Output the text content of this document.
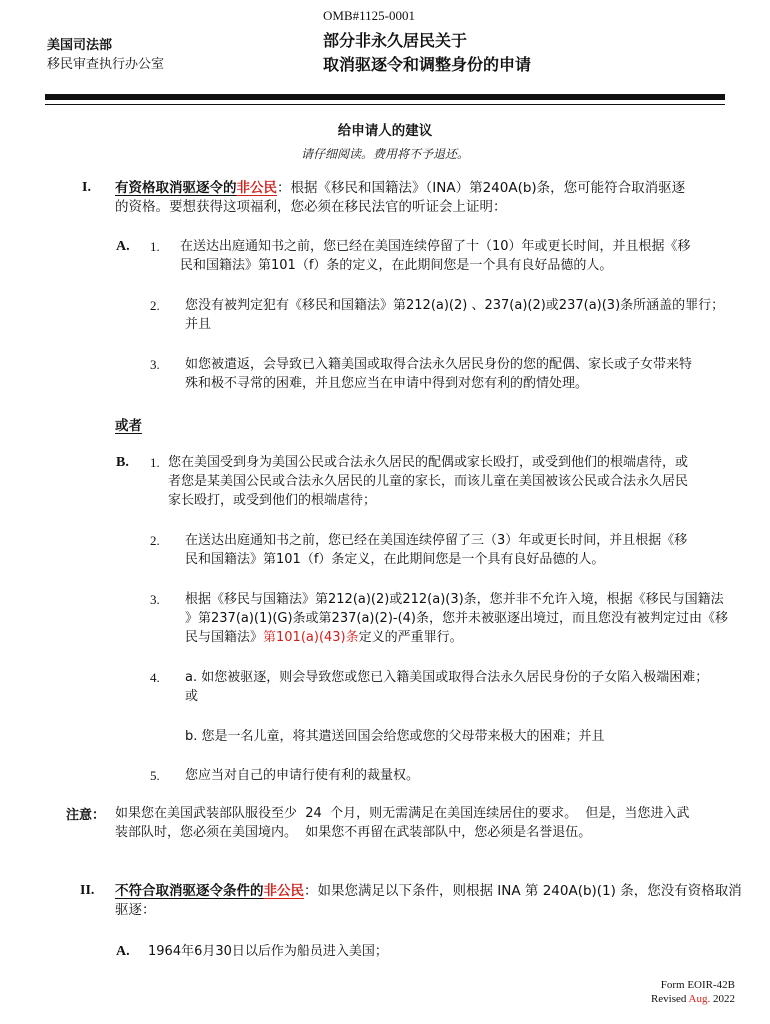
OMB#1125-0001
美国司法部
移民审查执行办公室
部分非永久居民关于
取消驱逐令和调整身份的申请
给申请人的建议
请仔细阅读。费用将不予退还。
I. 有资格取消驱逐令的非公民：根据《移民和国籍法》（INA）第240A(b)条，您可能符合取消驱逐
的资格。要想获得这项福利，您必须在移民法官的听证会上证明：
A. 1. 在送达出庭通知书之前，您已经在美国连续停留了十（10）年或更长时间，并且根据《移
民和国籍法》第101（f）条的定义，在此期间您是一个具有良好品德的人。
2. 您没有被判定犯有《移民和国籍法》第212(a)(2) 、237(a)(2)或237(a)(3)条所涵盖的罪行；
并且
3. 如您被遣返，会导致已入籍美国或取得合法永久居民身份的您的配偶、家长或子女带来特
殊和极不寻常的困难，并且您应当在申请中得到对您有利的酌情处理。
或者
B. 1. 您在美国受到身为美国公民或合法永久居民的配偶或家长殴打，或受到他们的根端虐待，或
者您是某美国公民或合法永久居民的儿童的家长，而该儿童在美国被该公民或合法永久居民
家长殴打，或受到他们的根端虐待；
2. 在送达出庭通知书之前，您已经在美国连续停留了三（3）年或更长时间，并且根据《移
民和国籍法》第101（f）条定义，在此期间您是一个具有良好品德的人。
3. 根据《移民与国籍法》第212(a)(2)或212(a)(3)条，您并非不允许入境，根据《移民与国籍法
》第237(a)(1)(G)条或第237(a)(2)-(4)条，您并未被驱逐出境过，而且您没有被判定过由《移
民与国籍法》第101(a)(43)条定义的严重罪行。
4. a. 如您被驱逐，则会导致您或您已入籍美国或取得合法永久居民身份的子女陷入极端困难；
或
b. 您是一名儿童，将其遣送回国会给您或您的父母带来极大的困难；并且
5. 您应当对自己的申请行使有利的裁量权。
注意： 如果您在美国武装部队服役至少  24  个月，则无需满足在美国连续居住的要求。  但是，当您进入武
装部队时，您必须在美国境内。  如果您不再留在武装部队中，您必须是名誉退伍。
II. 不符合取消驱逐令条件的非公民：如果您满足以下条件，则根据 INA 第 240A(b)(1) 条，您没有资格取消
驱逐：
A. 1964年6月30日以后作为船员进入美国；
Form EOIR-42B
Revised Aug. 2022
